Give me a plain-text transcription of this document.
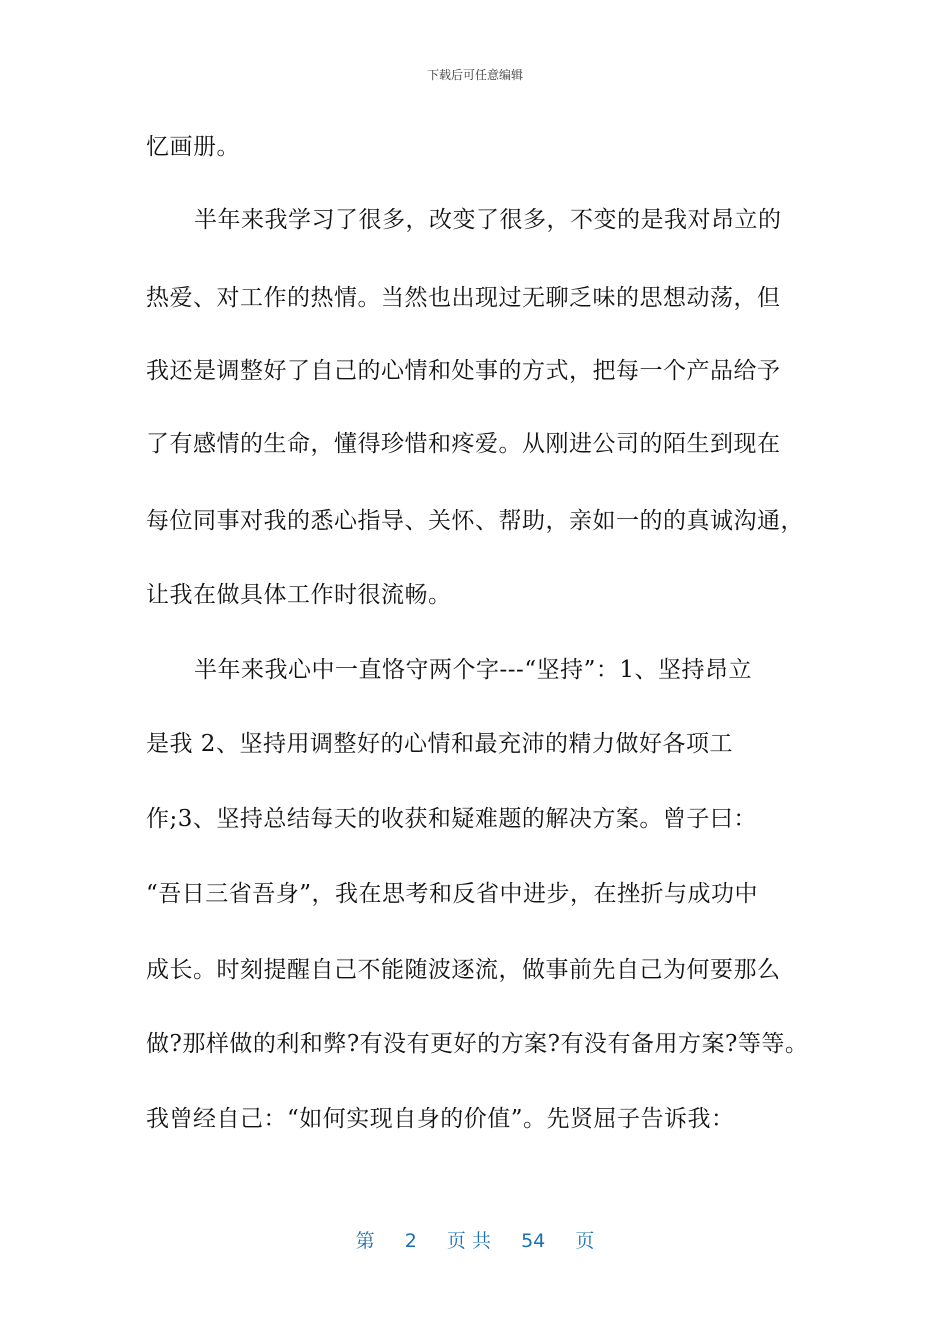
下载后可任意编辑
忆画册。
半年来我学习了很多，改变了很多，不变的是我对昂立的
热爱、对工作的热情。当然也出现过无聊乏味的思想动荡，但
我还是调整好了自己的心情和处事的方式，把每一个产品给予
了有感情的生命，懂得珍惜和疼爱。从刚进公司的陌生到现在
每位同事对我的悉心指导、关怀、帮助，亲如一的的真诚沟通，
让我在做具体工作时很流畅。
半年来我心中一直恪守两个字---“坚持”：1、坚持昂立
是我 2、坚持用调整好的心情和最充沛的精力做好各项工
作;3、坚持总结每天的收获和疑难题的解决方案。曾子曰：
“吾日三省吾身”，我在思考和反省中进步，在挫折与成功中
成长。时刻提醒自己不能随波逐流，做事前先自己为何要那么
做?那样做的利和弊?有没有更好的方案?有没有备用方案?等等。
我曾经自己：“如何实现自身的价值”。先贤屈子告诉我：
第 2 页 共 54 页
